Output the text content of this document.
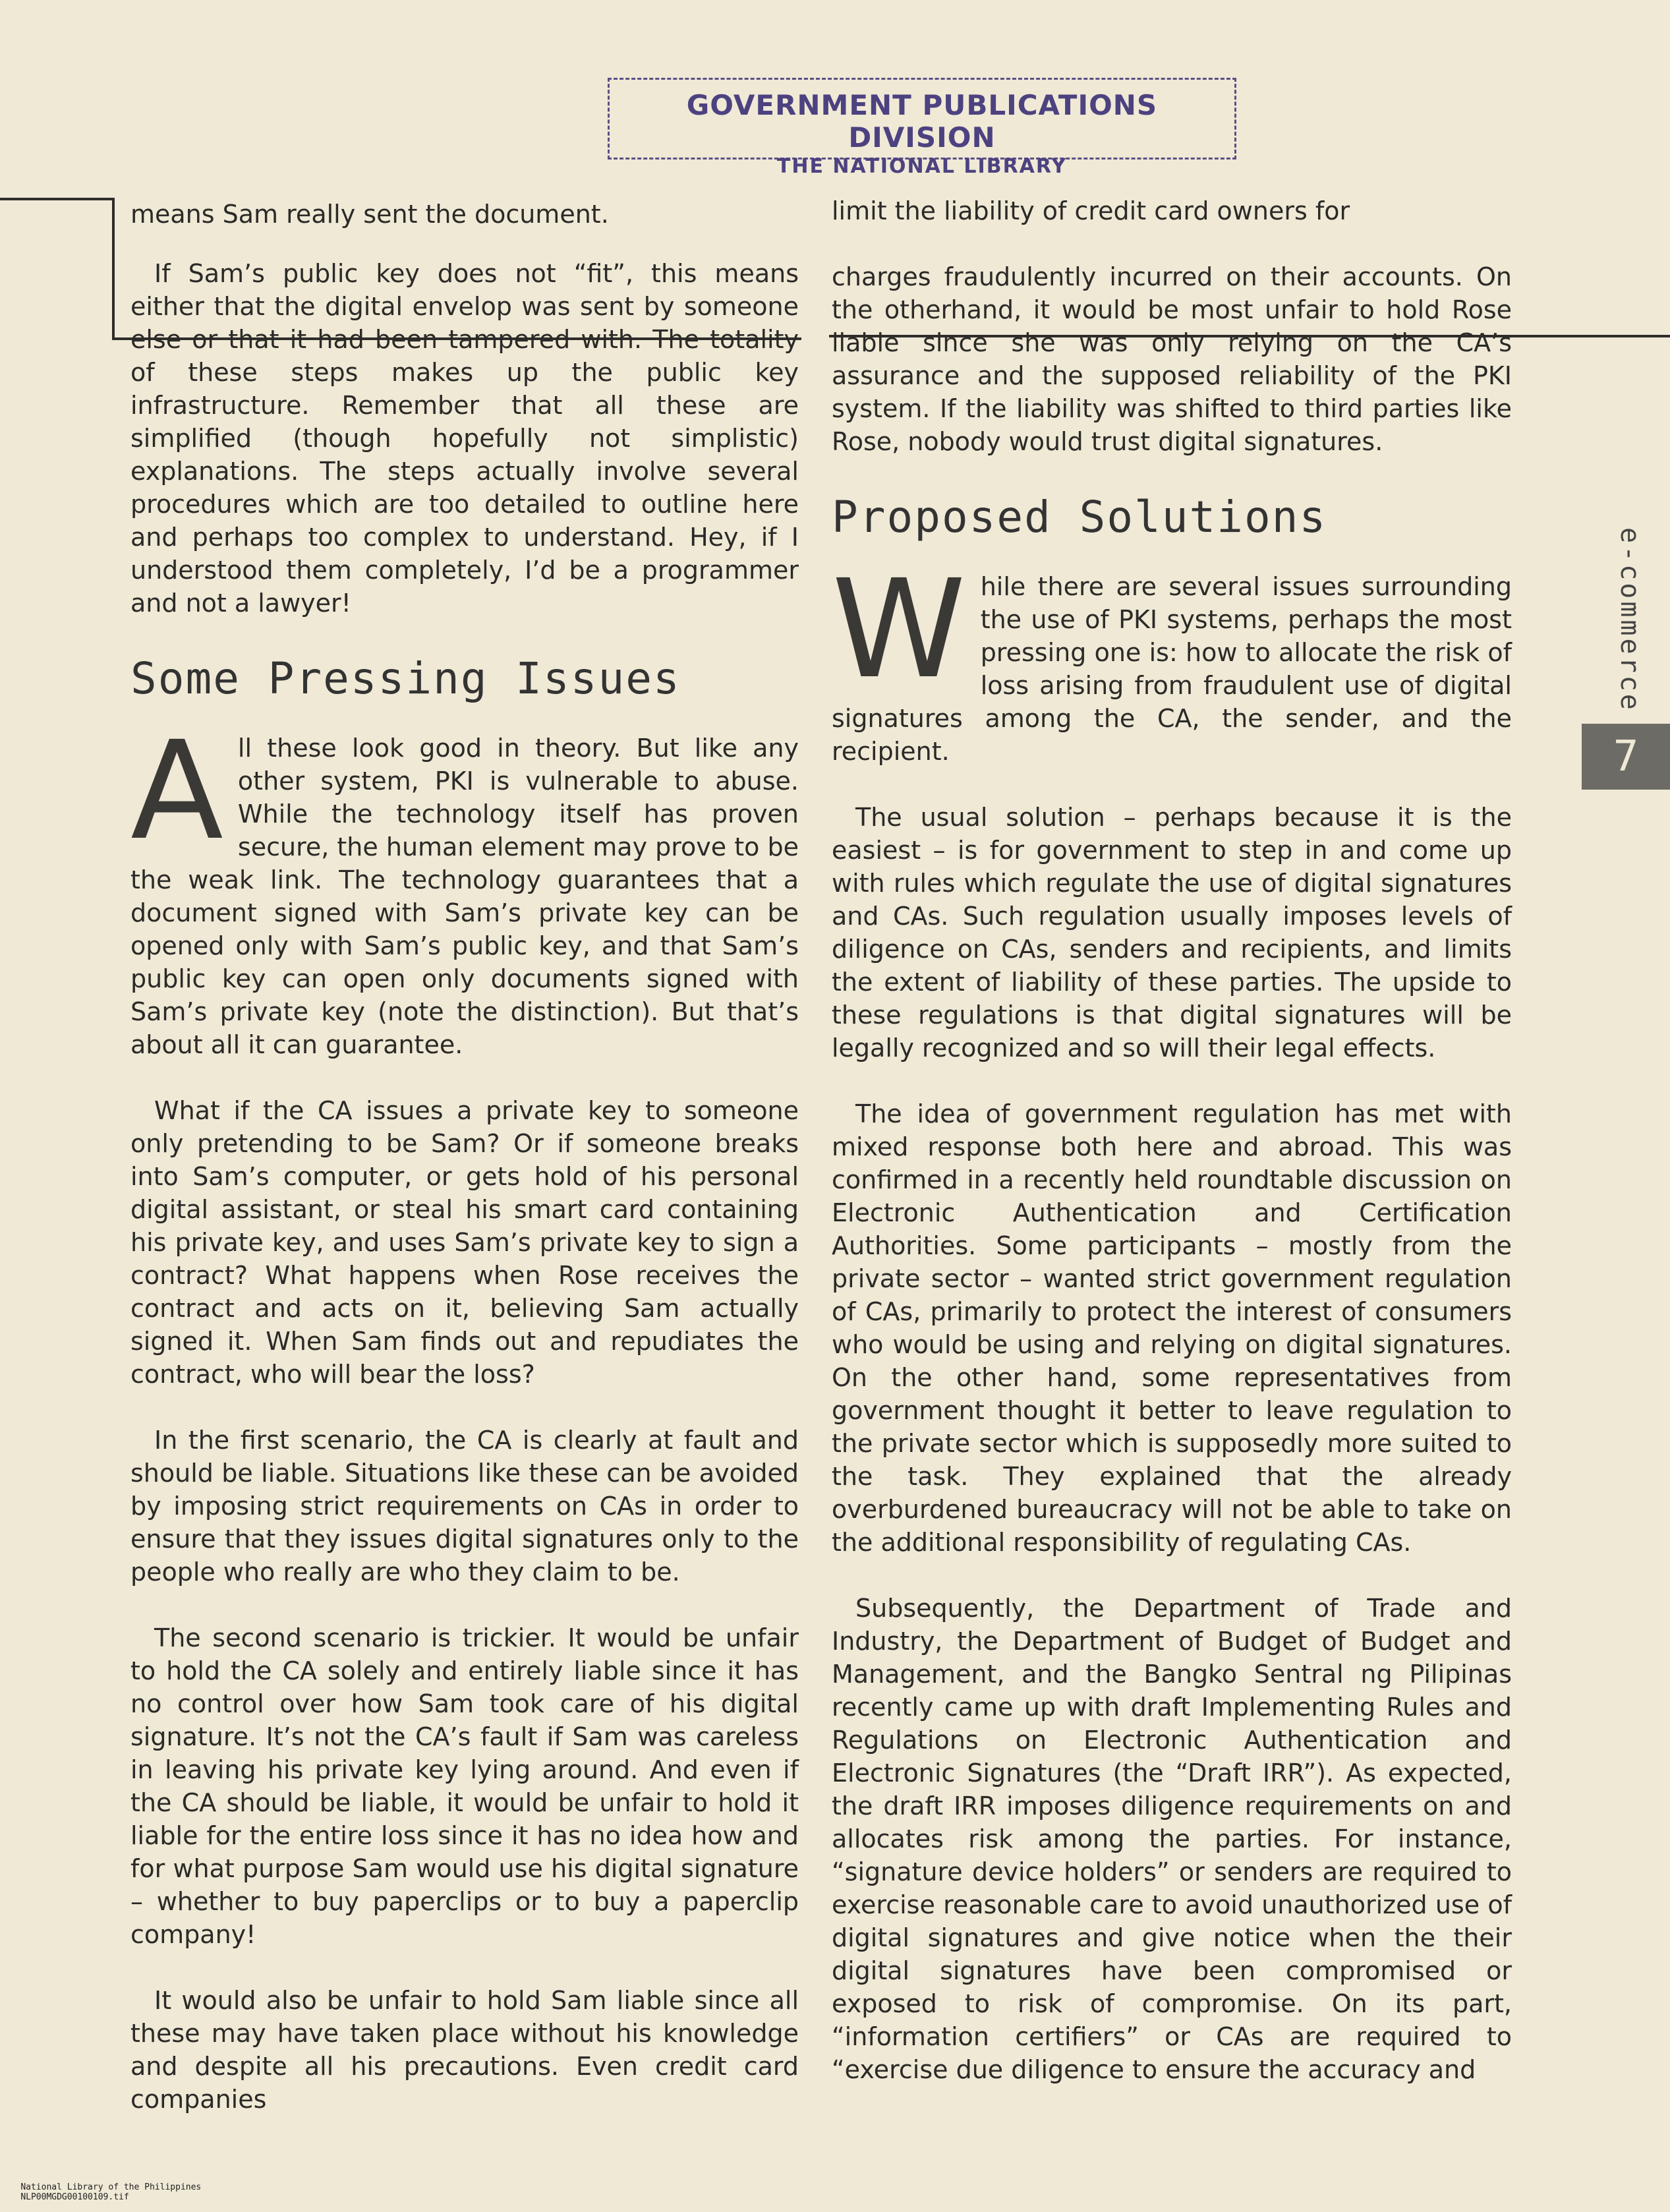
GOVERNMENT PUBLICATIONS DIVISION
THE NATIONAL LIBRARY

means Sam really sent the document.

If Sam’s public key does not “fit”, this means either that the digital envelop was sent by someone else or that it had been tampered with. The totality of these steps makes up the public key infrastructure. Remember that all these are simplified (though hopefully not simplistic) explanations. The steps actually involve several procedures which are too detailed to outline here and perhaps too complex to understand. Hey, if I understood them completely, I’d be a programmer and not a lawyer!

Some Pressing Issues

All these look good in theory. But like any other system, PKI is vulnerable to abuse. While the technology itself has proven secure, the human element may prove to be the weak link. The technology guarantees that a document signed with Sam’s private key can be opened only with Sam’s public key, and that Sam’s public key can open only documents signed with Sam’s private key (note the distinction). But that’s about all it can guarantee.

What if the CA issues a private key to someone only pretending to be Sam? Or if someone breaks into Sam’s computer, or gets hold of his personal digital assistant, or steal his smart card containing his private key, and uses Sam’s private key to sign a contract? What happens when Rose receives the contract and acts on it, believing Sam actually signed it. When Sam finds out and repudiates the contract, who will bear the loss?

In the first scenario, the CA is clearly at fault and should be liable. Situations like these can be avoided by imposing strict requirements on CAs in order to ensure that they issues digital signatures only to the people who really are who they claim to be.

The second scenario is trickier. It would be unfair to hold the CA solely and entirely liable since it has no control over how Sam took care of his digital signature. It’s not the CA’s fault if Sam was careless in leaving his private key lying around. And even if the CA should be liable, it would be unfair to hold it liable for the entire loss since it has no idea how and for what purpose Sam would use his digital signature – whether to buy paperclips or to buy a paperclip company!

It would also be unfair to hold Sam liable since all these may have taken place without his knowledge and despite all his precautions. Even credit card companies

limit the liability of credit card owners for

charges fraudulently incurred on their accounts. On the otherhand, it would be most unfair to hold Rose liable since she was only relying on the CA’s assurance and the supposed reliability of the PKI system. If the liability was shifted to third parties like Rose, nobody would trust digital signatures.

Proposed Solutions

While there are several issues surrounding the use of PKI systems, perhaps the most pressing one is: how to allocate the risk of loss arising from fraudulent use of digital signatures among the CA, the sender, and the recipient.

The usual solution – perhaps because it is the easiest – is for government to step in and come up with rules which regulate the use of digital signatures and CAs. Such regulation usually imposes levels of diligence on CAs, senders and recipients, and limits the extent of liability of these parties. The upside to these regulations is that digital signatures will be legally recognized and so will their legal effects.

The idea of government regulation has met with mixed response both here and abroad. This was confirmed in a recently held roundtable discussion on Electronic Authentication and Certification Authorities. Some participants – mostly from the private sector – wanted strict government regulation of CAs, primarily to protect the interest of consumers who would be using and relying on digital signatures. On the other hand, some representatives from government thought it better to leave regulation to the private sector which is supposedly more suited to the task. They explained that the already overburdened bureaucracy will not be able to take on the additional responsibility of regulating CAs.

Subsequently, the Department of Trade and Industry, the Department of Budget of Budget and Management, and the Bangko Sentral ng Pilipinas recently came up with draft Implementing Rules and Regulations on Electronic Authentication and Electronic Signatures (the “Draft IRR”). As expected, the draft IRR imposes diligence requirements on and allocates risk among the parties. For instance, “signature device holders” or senders are required to exercise reasonable care to avoid unauthorized use of digital signatures and give notice when the their digital signatures have been compromised or exposed to risk of compromise. On its part, “information certifiers” or CAs are required to “exercise due diligence to ensure the accuracy and

e-commerce
7

National Library of the Philippines
NLP00MGDG00100109.tif
